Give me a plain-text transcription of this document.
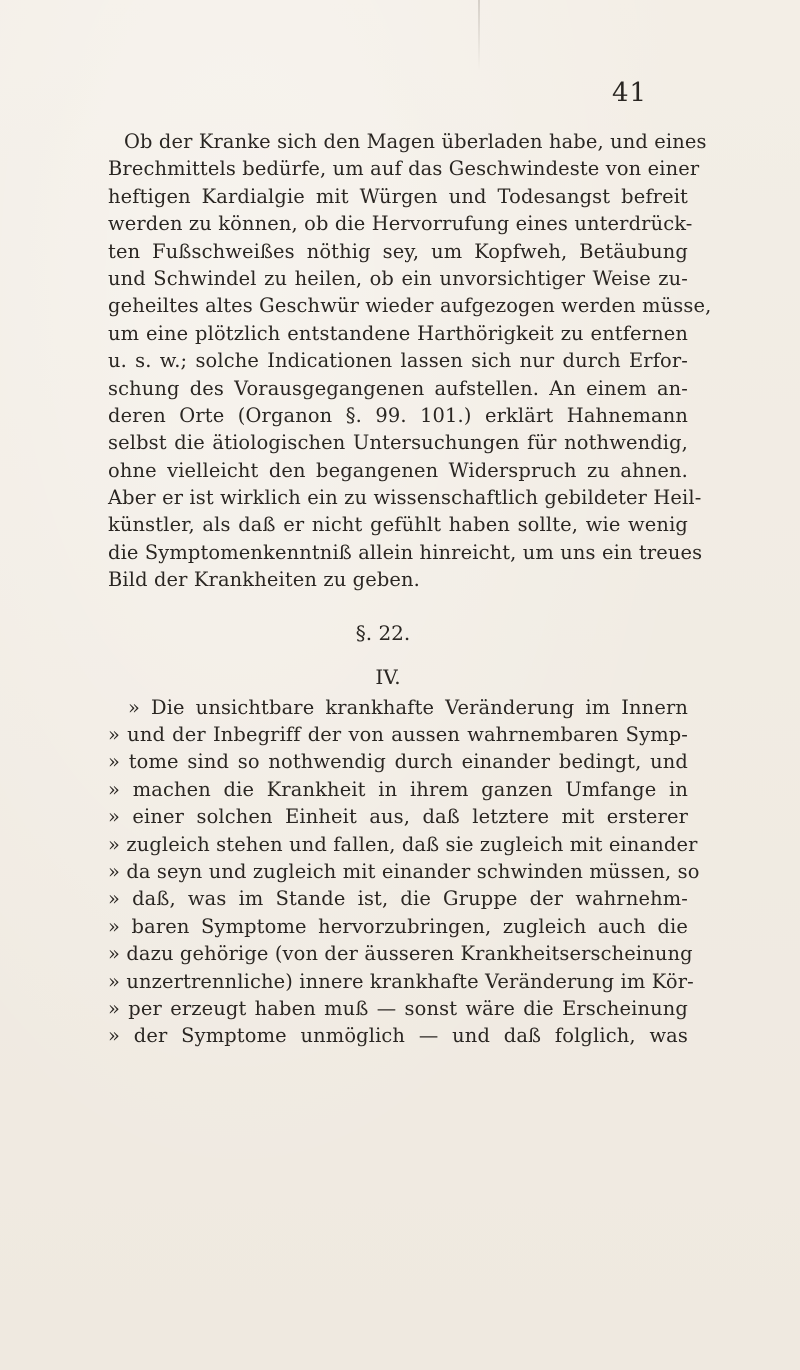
41
Ob der Kranke sich den Magen überladen habe, und eines
Brechmittels bedürfe, um auf das Geschwindeste von einer
heftigen Kardialgie mit Würgen und Todesangst befreit
werden zu können, ob die Hervorrufung eines unterdrück-
ten Fußschweißes nöthig sey, um Kopfweh, Betäubung
und Schwindel zu heilen, ob ein unvorsichtiger Weise zu-
geheiltes altes Geschwür wieder aufgezogen werden müsse,
um eine plötzlich entstandene Harthörigkeit zu entfernen
u. s. w.; solche Indicationen lassen sich nur durch Erfor-
schung des Vorausgegangenen aufstellen. An einem an-
deren Orte (Organon §. 99. 101.) erklärt Hahnemann
selbst die ätiologischen Untersuchungen für nothwendig,
ohne vielleicht den begangenen Widerspruch zu ahnen.
Aber er ist wirklich ein zu wissenschaftlich gebildeter Heil-
künstler, als daß er nicht gefühlt haben sollte, wie wenig
die Symptomenkenntniß allein hinreicht, um uns ein treues
Bild der Krankheiten zu geben.
§. 22.
IV.
» Die unsichtbare krankhafte Veränderung im Innern
» und der Inbegriff der von aussen wahrnembaren Symp-
» tome sind so nothwendig durch einander bedingt, und
» machen die Krankheit in ihrem ganzen Umfange in
» einer solchen Einheit aus, daß letztere mit ersterer
» zugleich stehen und fallen, daß sie zugleich mit einander
» da seyn und zugleich mit einander schwinden müssen, so
» daß, was im Stande ist, die Gruppe der wahrnehm-
» baren Symptome hervorzubringen, zugleich auch die
» dazu gehörige (von der äusseren Krankheitserscheinung
» unzertrennliche) innere krankhafte Veränderung im Kör-
» per erzeugt haben muß — sonst wäre die Erscheinung
» der Symptome unmöglich — und daß folglich, was
